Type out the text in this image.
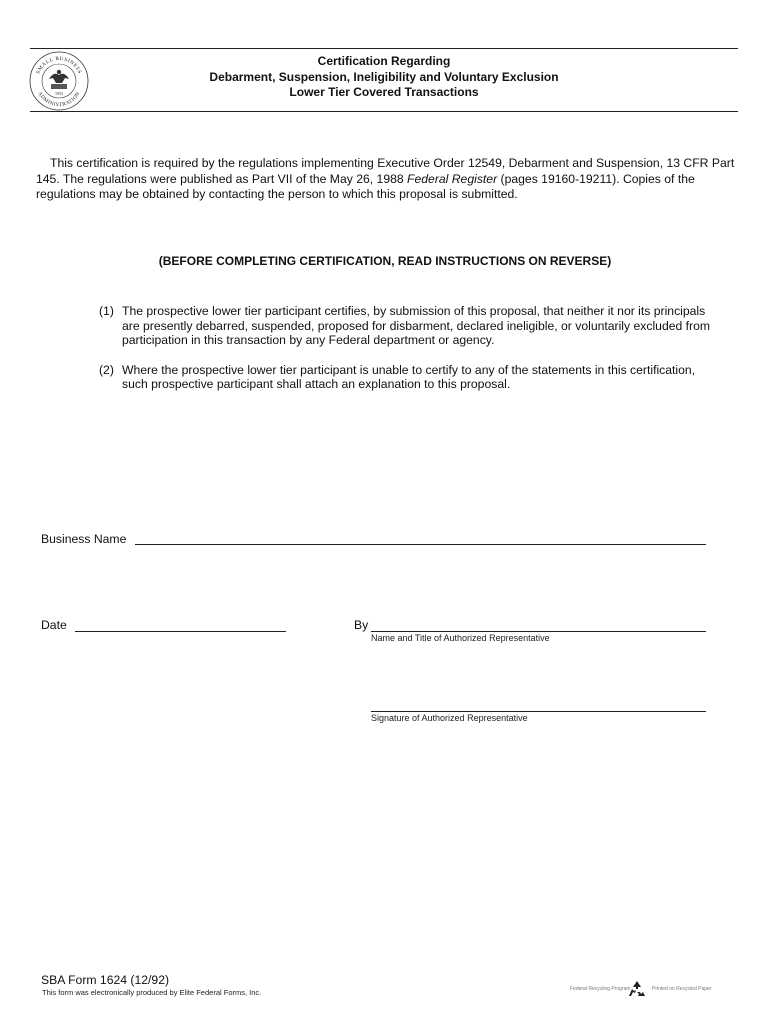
SMALL BUSINESS
ADMINISTRATION
1953
Certification Regarding
Debarment, Suspension, Ineligibility and Voluntary Exclusion
Lower Tier Covered Transactions

This certification is required by the regulations implementing Executive Order 12549, Debarment and Suspension, 13 CFR Part 145. The regulations were published as Part VII of the May 26, 1988 Federal Register (pages 19160-19211). Copies of the regulations may be obtained by contacting the person to which this proposal is submitted.

(BEFORE COMPLETING CERTIFICATION, READ INSTRUCTIONS ON REVERSE)
(1) The prospective lower tier participant certifies, by submission of this proposal, that neither it nor its principals are presently debarred, suspended, proposed for disbarment, declared ineligible, or voluntarily excluded from participation in this transaction by any Federal department or agency.
(2) Where the prospective lower tier participant is unable to certify to any of the statements in this certification, such prospective participant shall attach an explanation to this proposal.
Business Name
Date	By
Name and Title of Authorized Representative
Signature of Authorized Representative
SBA Form 1624 (12/92)
This form was electronically produced by Elite Federal Forms, Inc.	Federal Recycling Program	Printed on Recycled Paper
